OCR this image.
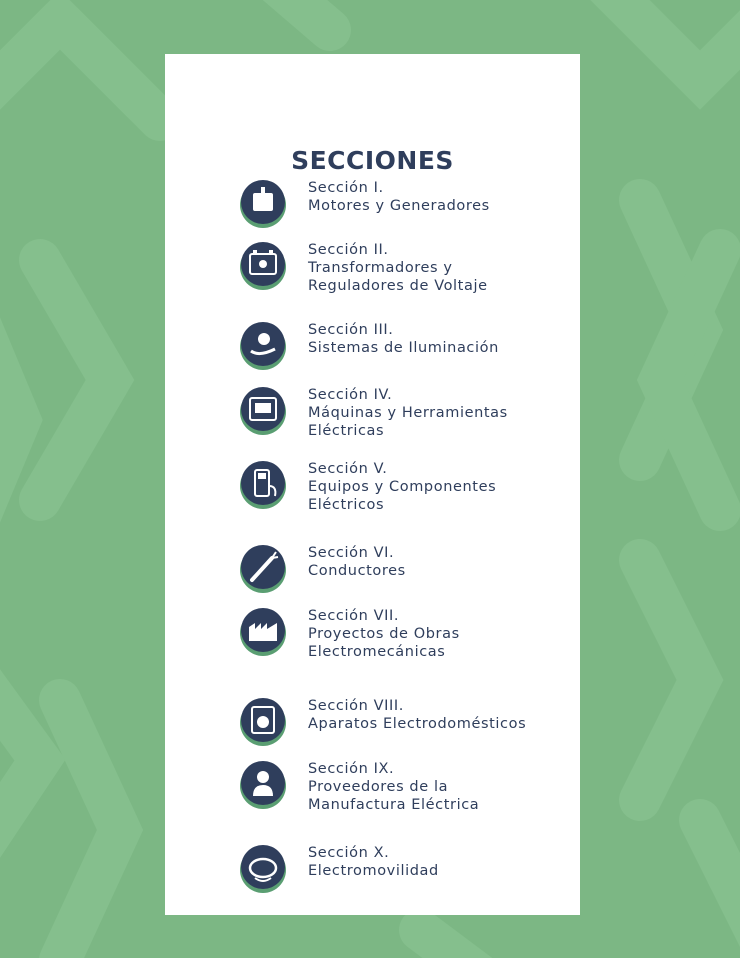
SECCIONES
Sección I.
Motores y Generadores
Sección II.
Transformadores y
Reguladores de Voltaje
Sección III.
Sistemas de Iluminación
Sección IV.
Máquinas y Herramientas
Eléctricas
Sección V.
Equipos y Componentes
Eléctricos
Sección VI.
Conductores
Sección VII.
Proyectos de Obras
Electromecánicas
Sección VIII.
Aparatos Electrodomésticos
Sección IX.
Proveedores de la
Manufactura Eléctrica
Sección X.
Electromovilidad
